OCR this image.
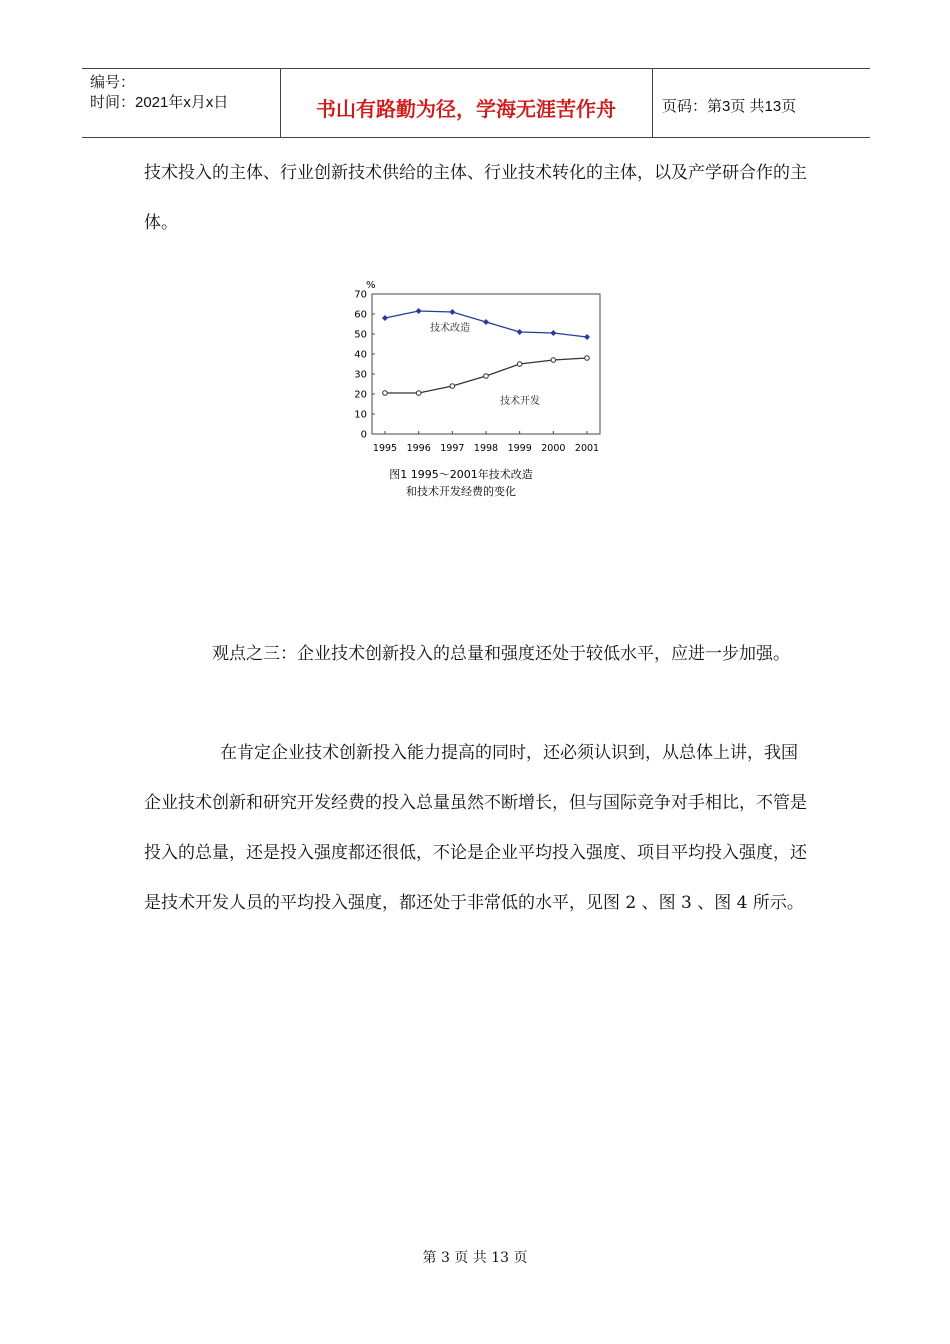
编号：
时间：2021年x月x日	书山有路勤为径，学海无涯苦作舟	页码：第3页 共13页

技术投入的主体、行业创新技术供给的主体、行业技术转化的主体，以及产学研合作的主体。

%
0
10
20
30
40
50
60
70
1995 1996 1997 1998 1999 2000 2001
技术改造
技术开发
图1 1995～2001年技术改造
和技术开发经费的变化

观点之三：企业技术创新投入的总量和强度还处于较低水平，应进一步加强。

在肯定企业技术创新投入能力提高的同时，还必须认识到，从总体上讲，我国企业技术创新和研究开发经费的投入总量虽然不断增长，但与国际竞争对手相比，不管是投入的总量，还是投入强度都还很低，不论是企业平均投入强度、项目平均投入强度，还是技术开发人员的平均投入强度，都还处于非常低的水平，见图 2 、图 3 、图 4 所示。

第 3 页 共 13 页
